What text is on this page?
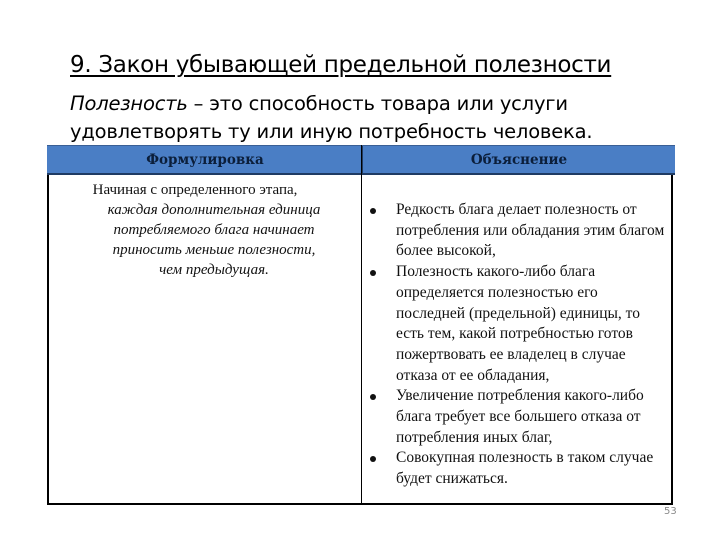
9. Закон убывающей предельной полезности
Полезность – это способность товара или услуги удовлетворять ту или иную потребность человека.
Формулировка	Объяснение
Начиная с определенного этапа,
каждая дополнительная единица
потребляемого блага начинает
приносить меньше полезности,
чем предыдущая.
Редкость блага делает полезность от потребления или обладания этим благом более высокой,
Полезность какого-либо блага определяется полезностью его последней (предельной) единицы, то есть тем, какой потребностью готов пожертвовать ее владелец в случае отказа от ее обладания,
Увеличение потребления какого-либо блага требует все большего отказа от потребления иных благ,
Совокупная полезность в таком случае будет снижаться.
53
